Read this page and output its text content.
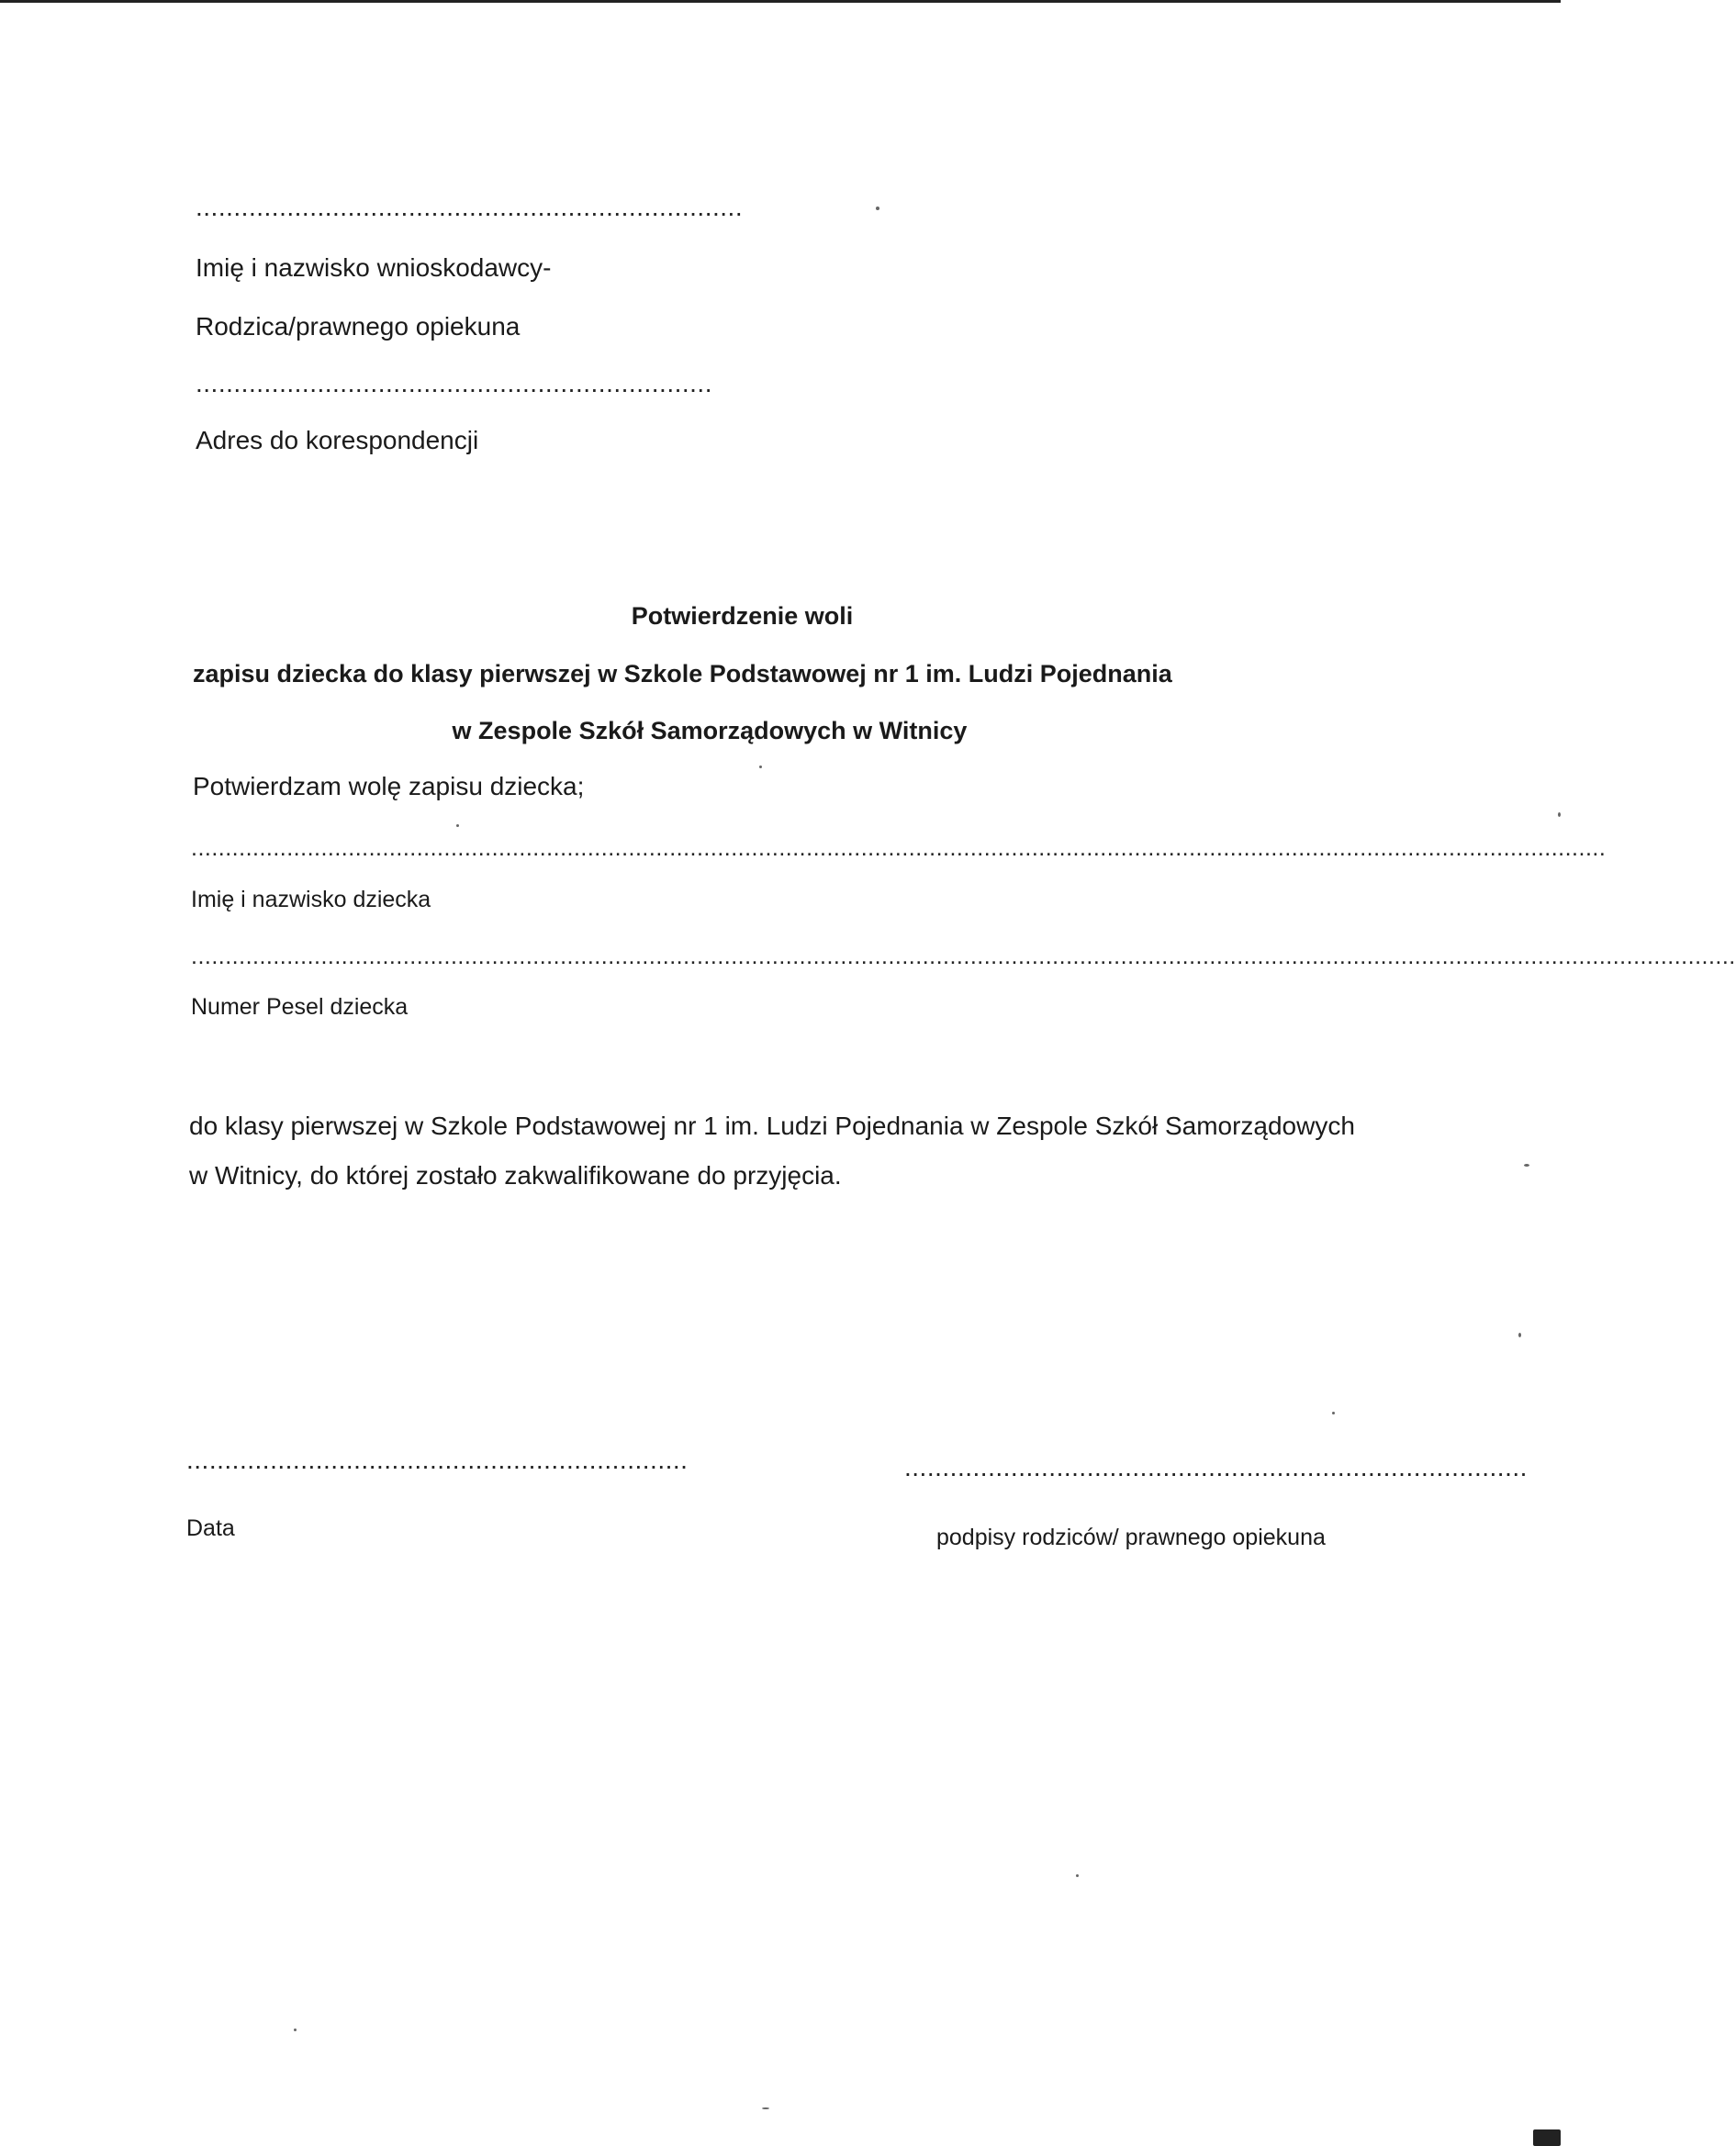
........................................................................
Imię i nazwisko wnioskodawcy-
Rodzica/prawnego opiekuna
....................................................................
Adres do korespondencji
Potwierdzenie woli
zapisu dziecka do klasy pierwszej w Szkole Podstawowej nr 1 im. Ludzi Pojednania
w Zespole Szkół Samorządowych w Witnicy
Potwierdzam wolę zapisu dziecka;
...............................................................................................................................................................................................................
Imię i nazwisko dziecka
..................................................................................................................................................................................................................................
Numer Pesel dziecka
do klasy pierwszej w Szkole Podstawowej nr 1 im. Ludzi Pojednania w Zespole Szkół Samorządowych
w Witnicy, do której zostało zakwalifikowane do przyjęcia.
..................................................................
Data
..................................................................................
podpisy rodziców/ prawnego opiekuna
